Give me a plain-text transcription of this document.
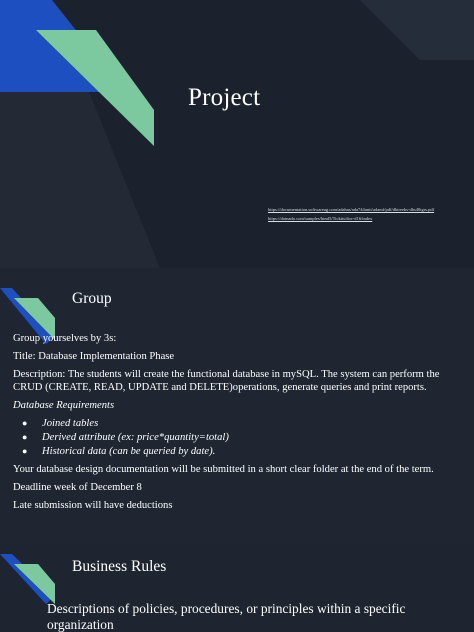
Project
https://documentation.softwareag.com/adabas/ada744unit/adamf/pdf/dbtreeks-dbs40tgrs.pdf
https://dotnado.com/samples/html5/Tickits/doc-d16/index
Group

Group yourselves by 3s:

Title: Database Implementation Phase

Description: The students will create the functional database in mySQL. The system can perform the CRUD (CREATE, READ, UPDATE and DELETE)operations, generate queries and print reports.

Database Requirements

● Joined tables
● Derived attribute (ex: price*quantity=total)
● Historical data (can be queried by date).

Your database design documentation will be submitted in a short clear folder at the end of the term.

Deadline week of December 8

Late submission will have deductions

Business Rules
Descriptions of policies, procedures, or principles within a specific organization
